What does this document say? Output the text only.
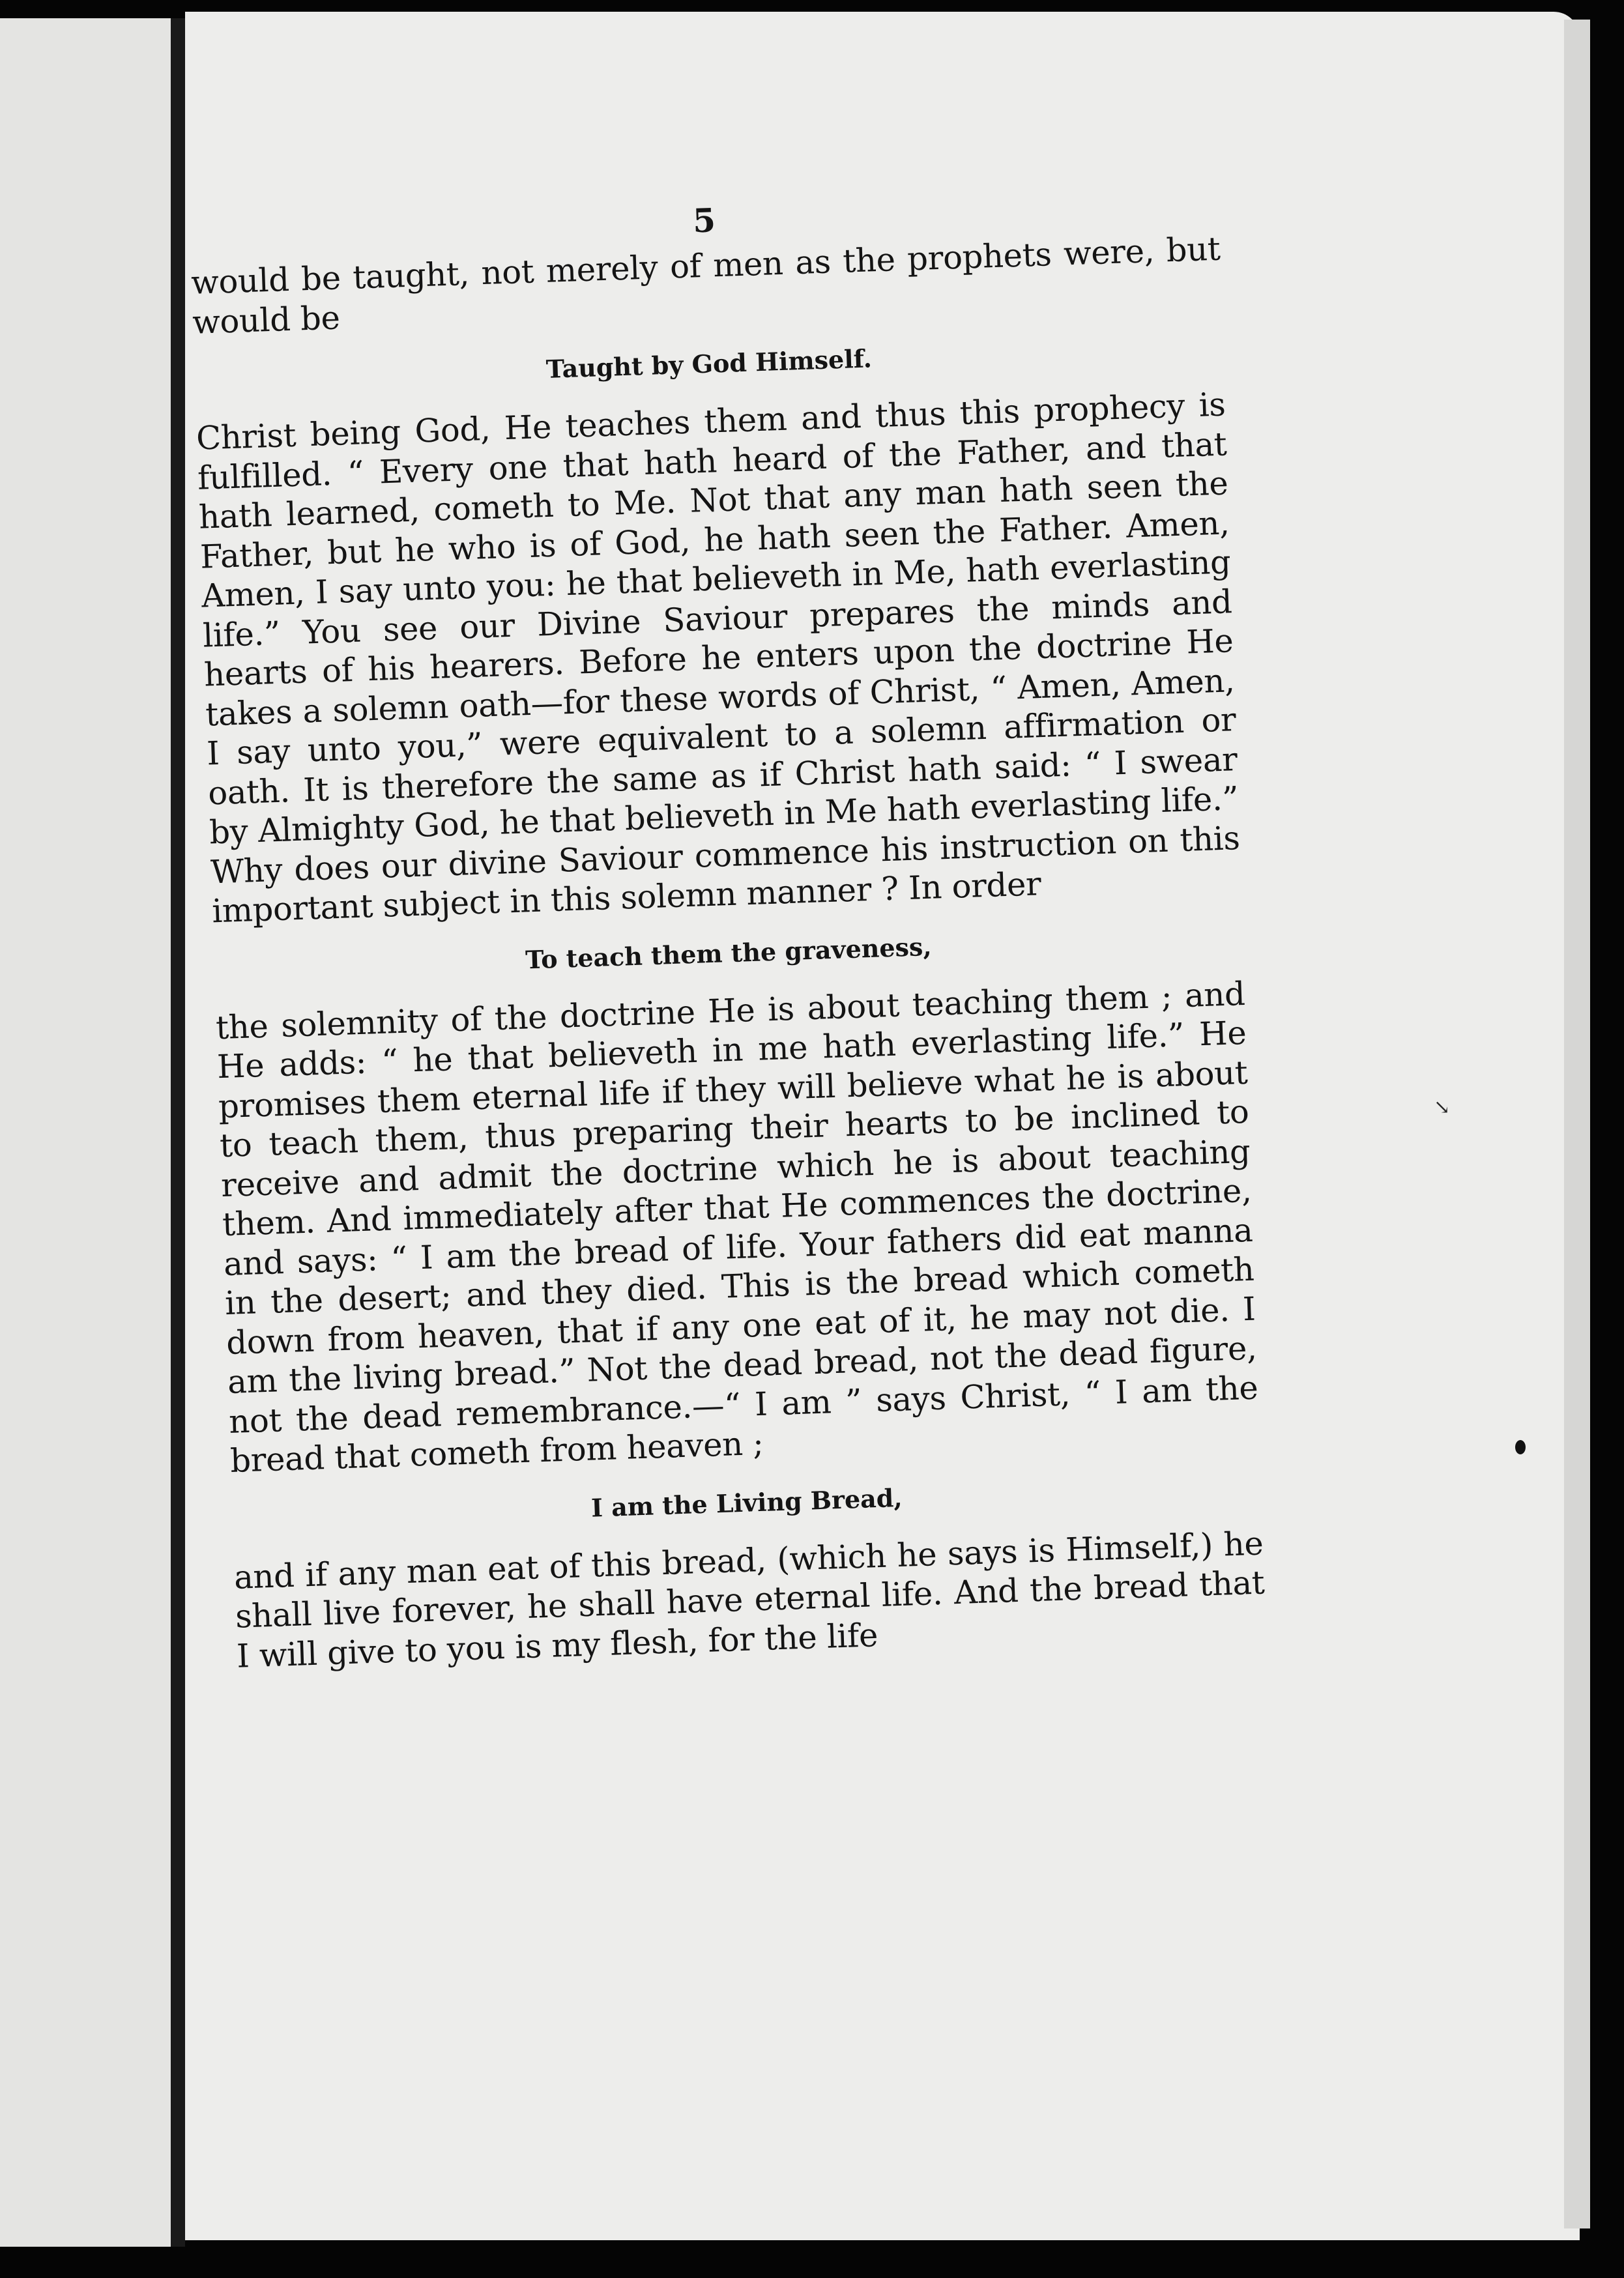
5

would be taught, not merely of men as the prophets were, but would be

Taught by God Himself.

Christ being God, He teaches them and thus this prophecy is fulfilled. “ Every one that hath heard of the Father, and that hath learned, cometh to Me. Not that any man hath seen the Father, but he who is of God, he hath seen the Father. Amen, Amen, I say unto you: he that believeth in Me, hath everlasting life.” You see our Divine Saviour prepares the minds and hearts of his hearers. Before he enters upon the doctrine He takes a solemn oath—for these words of Christ, “ Amen, Amen, I say unto you,” were equivalent to a solemn affirmation or oath. It is therefore the same as if Christ hath said: “ I swear by Almighty God, he that believeth in Me hath everlasting life.” Why does our divine Saviour commence his instruction on this important subject in this solemn manner ? In order

To teach them the graveness,

the solemnity of the doctrine He is about teaching them ; and He adds: “ he that believeth in me hath everlasting life.” He promises them eternal life if they will believe what he is about to teach them, thus preparing their hearts to be inclined to receive and admit the doctrine which he is about teaching them. And immediately after that He commences the doctrine, and says: “ I am the bread of life. Your fathers did eat manna in the desert; and they died. This is the bread which cometh down from heaven, that if any one eat of it, he may not die. I am the living bread.” Not the dead bread, not the dead figure, not the dead remembrance.—“ I am ” says Christ, “ I am the bread that cometh from heaven ;

I am the Living Bread,

and if any man eat of this bread, (which he says is Himself,) he shall live forever, he shall have eternal life. And the bread that I will give to you is my flesh, for the life

↘
